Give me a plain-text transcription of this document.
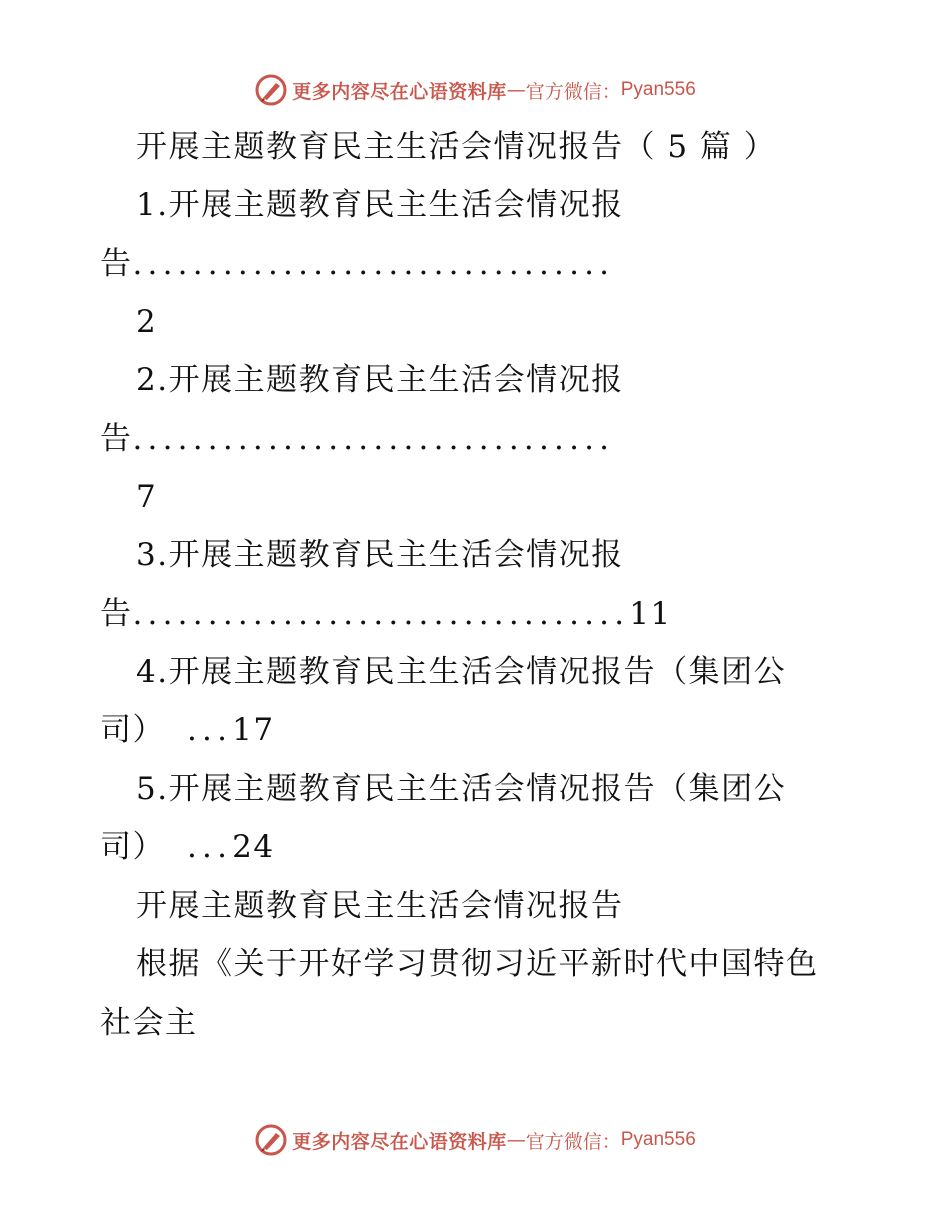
更多内容尽在心语资料库 — 官方微信： Pyan556
开展主题教育民主生活会情况报告（ 5 篇 ）
1.开展主题教育民主生活会情况报
告................................
2
2.开展主题教育民主生活会情况报
告................................
7
3.开展主题教育民主生活会情况报
告.................................11
4.开展主题教育民主生活会情况报告（集团公
司） ...17
5.开展主题教育民主生活会情况报告（集团公
司） ...24
开展主题教育民主生活会情况报告
根据《关于开好学习贯彻习近平新时代中国特色
社会主
更多内容尽在心语资料库 — 官方微信： Pyan556
